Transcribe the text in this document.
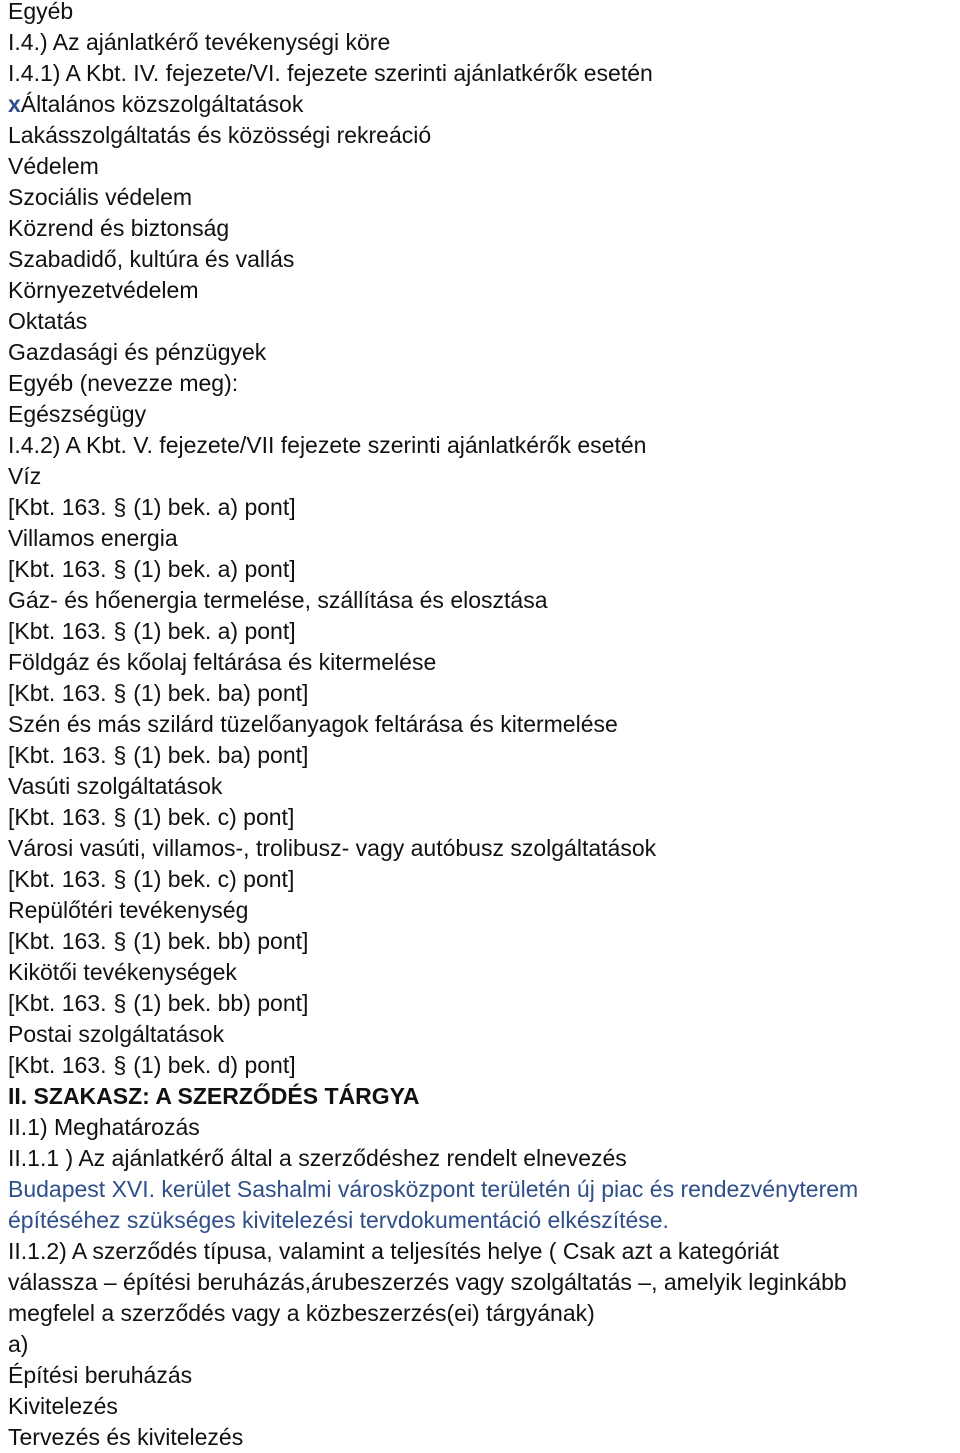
Egyéb
I.4.) Az ajánlatkérő tevékenységi köre
I.4.1) A Kbt. IV. fejezete/VI. fejezete szerinti ajánlatkérők esetén
xÁltalános közszolgáltatások
Lakásszolgáltatás és közösségi rekreáció
Védelem
Szociális védelem
Közrend és biztonság
Szabadidő, kultúra és vallás
Környezetvédelem
Oktatás
Gazdasági és pénzügyek
Egyéb (nevezze meg):
Egészségügy
I.4.2) A Kbt. V. fejezete/VII fejezete szerinti ajánlatkérők esetén
Víz
[Kbt. 163. § (1) bek. a) pont]
Villamos energia
[Kbt. 163. § (1) bek. a) pont]
Gáz- és hőenergia termelése, szállítása és elosztása
[Kbt. 163. § (1) bek. a) pont]
Földgáz és kőolaj feltárása és kitermelése
[Kbt. 163. § (1) bek. ba) pont]
Szén és más szilárd tüzelőanyagok feltárása és kitermelése
[Kbt. 163. § (1) bek. ba) pont]
Vasúti szolgáltatások
[Kbt. 163. § (1) bek. c) pont]
Városi vasúti, villamos-, trolibusz- vagy autóbusz szolgáltatások
[Kbt. 163. § (1) bek. c) pont]
Repülőtéri tevékenység
[Kbt. 163. § (1) bek. bb) pont]
Kikötői tevékenységek
[Kbt. 163. § (1) bek. bb) pont]
Postai szolgáltatások
[Kbt. 163. § (1) bek. d) pont]
II. SZAKASZ: A SZERZŐDÉS TÁRGYA
II.1) Meghatározás
II.1.1 ) Az ajánlatkérő által a szerződéshez rendelt elnevezés
Budapest XVI. kerület Sashalmi városközpont területén új piac és rendezvényterem
építéséhez szükséges kivitelezési tervdokumentáció elkészítése.
II.1.2) A szerződés típusa, valamint a teljesítés helye ( Csak azt a kategóriát
válassza – építési beruházás,árubeszerzés vagy szolgáltatás –, amelyik leginkább
megfelel a szerződés vagy a közbeszerzés(ei) tárgyának)
a)
Építési beruházás
Kivitelezés
Tervezés és kivitelezés
